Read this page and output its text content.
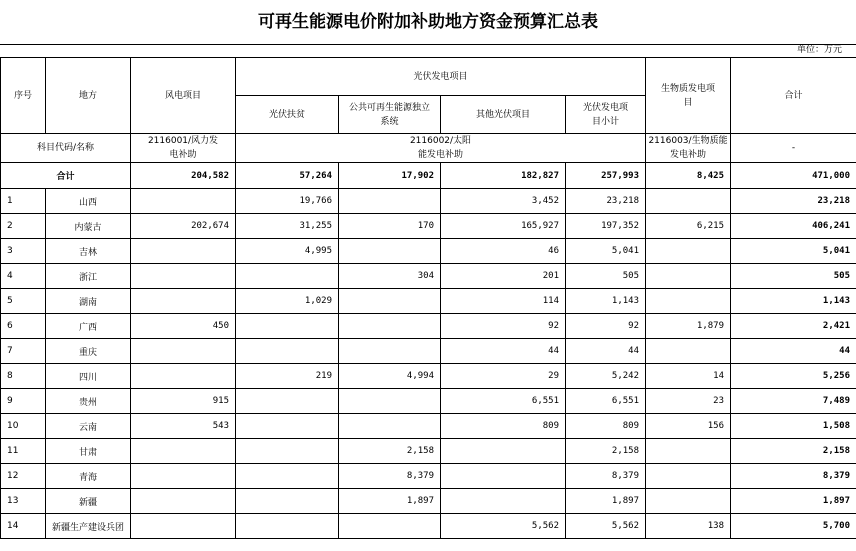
可再生能源电价附加补助地方资金预算汇总表
单位：万元
序号	地方	风电项目	光伏发电项目				生物质发电项目	合计
			光伏扶贫	公共可再生能源独立系统	其他光伏项目	光伏发电项目小计		
科目代码/名称		2116001/风力发电补助	2116002/太阳能发电补助				2116003/生物质能发电补助	-
合计		204,582	57,264	17,902	182,827	257,993	8,425	471,000
1	山西		19,766		3,452	23,218		23,218
2	内蒙古	202,674	31,255	170	165,927	197,352	6,215	406,241
3	吉林		4,995		46	5,041		5,041
4	浙江			304	201	505		505
5	湖南		1,029		114	1,143		1,143
6	广西	450			92	92	1,879	2,421
7	重庆				44	44		44
8	四川		219	4,994	29	5,242	14	5,256
9	贵州	915			6,551	6,551	23	7,489
10	云南	543			809	809	156	1,508
11	甘肃			2,158		2,158		2,158
12	青海			8,379		8,379		8,379
13	新疆			1,897		1,897		1,897
14	新疆生产建设兵团				5,562	5,562	138	5,700
